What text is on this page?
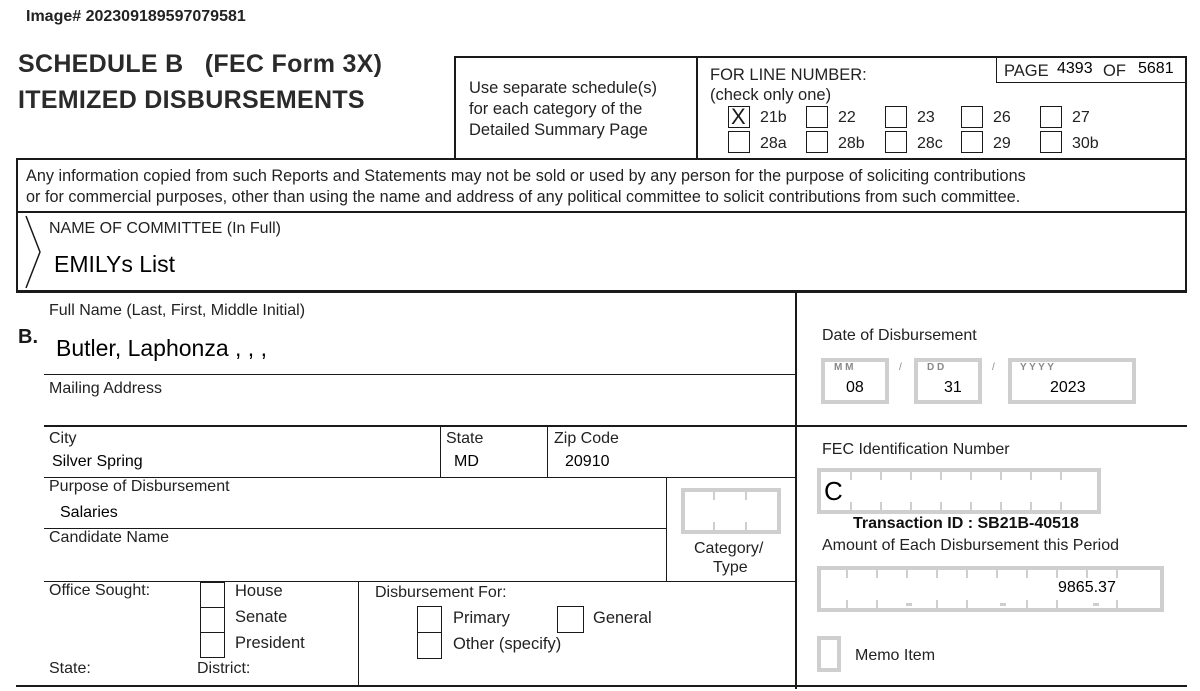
Image# 202309189597079581
SCHEDULE B (FEC Form 3X)
ITEMIZED DISBURSEMENTS	Use separate schedule(s)
for each category of the
Detailed Summary Page
FOR LINE NUMBER:
(check only one)
PAGE 4393 OF 5681
X 21b	22	23	26	27
28a	28b	28c	29	30b
Any information copied from such Reports and Statements may not be sold or used by any person for the purpose of soliciting contributions
or for commercial purposes, other than using the name and address of any political committee to solicit contributions from such committee.
NAME OF COMMITTEE (In Full)
EMILYs List
B.
Full Name (Last, First, Middle Initial)
Butler, Laphonza , , ,
Mailing Address
City
Silver Spring
State
MD
Zip Code
20910
Purpose of Disbursement
Salaries
Candidate Name
Category/
Type
Office Sought:	House
Senate
President
State:	District:
Disbursement For:
Primary
Other (specify)
General
Date of Disbursement
M M
08
/	D D
31
/	Y Y Y Y
2023
FEC Identification Number
C
Transaction ID : SB21B-40518
Amount of Each Disbursement this Period
9865.37
Memo Item
